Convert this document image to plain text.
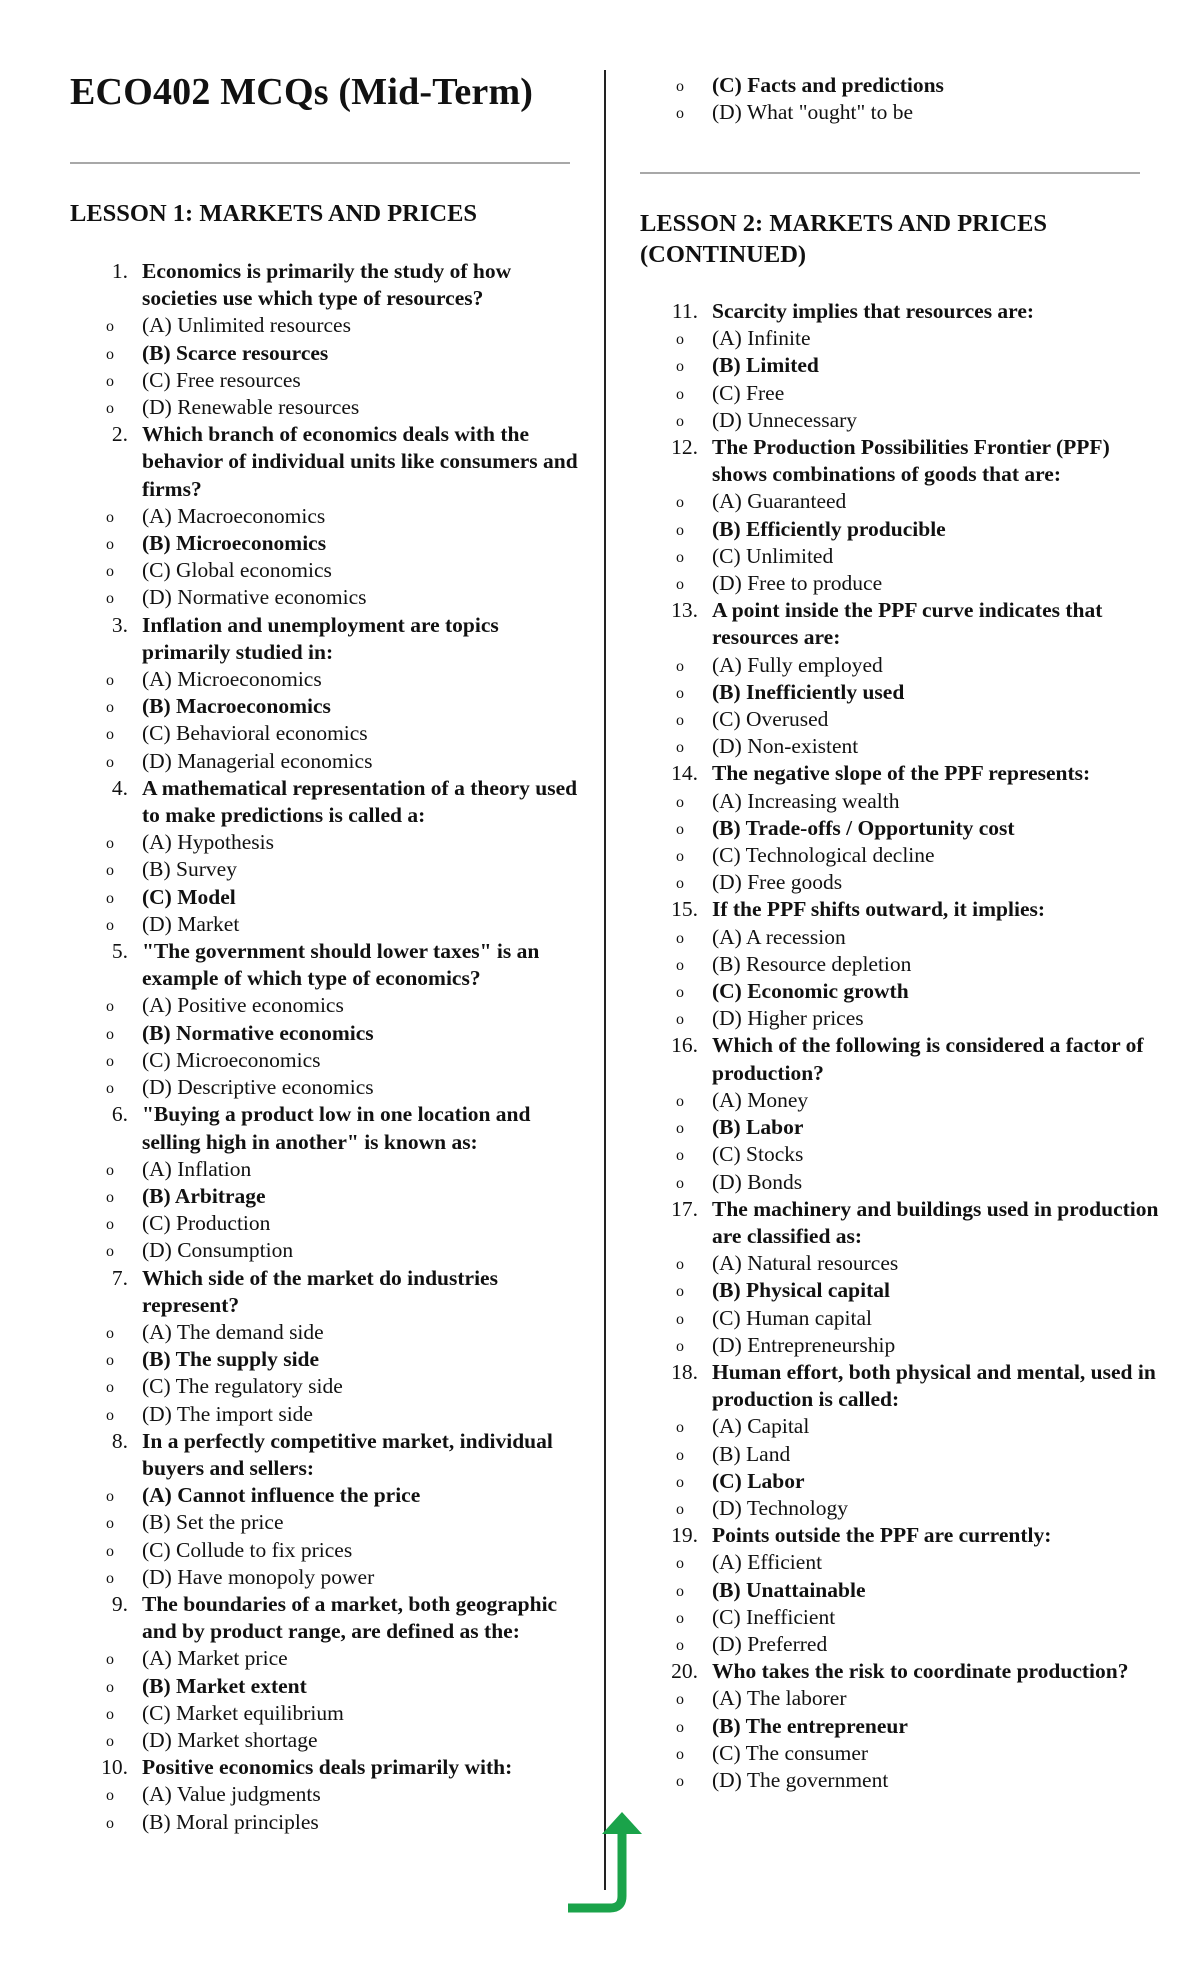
ECO402 MCQs (Mid-Term)
LESSON 1: MARKETS AND PRICES
1. Economics is primarily the study of how societies use which type of resources?
o (A) Unlimited resources
o (B) Scarce resources
o (C) Free resources
o (D) Renewable resources
2. Which branch of economics deals with the behavior of individual units like consumers and firms?
o (A) Macroeconomics
o (B) Microeconomics
o (C) Global economics
o (D) Normative economics
3. Inflation and unemployment are topics primarily studied in:
o (A) Microeconomics
o (B) Macroeconomics
o (C) Behavioral economics
o (D) Managerial economics
4. A mathematical representation of a theory used to make predictions is called a:
o (A) Hypothesis
o (B) Survey
o (C) Model
o (D) Market
5. "The government should lower taxes" is an example of which type of economics?
o (A) Positive economics
o (B) Normative economics
o (C) Microeconomics
o (D) Descriptive economics
6. "Buying a product low in one location and selling high in another" is known as:
o (A) Inflation
o (B) Arbitrage
o (C) Production
o (D) Consumption
7. Which side of the market do industries represent?
o (A) The demand side
o (B) The supply side
o (C) The regulatory side
o (D) The import side
8. In a perfectly competitive market, individual buyers and sellers:
o (A) Cannot influence the price
o (B) Set the price
o (C) Collude to fix prices
o (D) Have monopoly power
9. The boundaries of a market, both geographic and by product range, are defined as the:
o (A) Market price
o (B) Market extent
o (C) Market equilibrium
o (D) Market shortage
10. Positive economics deals primarily with:
o (A) Value judgments
o (B) Moral principles
o (C) Facts and predictions
o (D) What "ought" to be
LESSON 2: MARKETS AND PRICES (CONTINUED)
11. Scarcity implies that resources are:
o (A) Infinite
o (B) Limited
o (C) Free
o (D) Unnecessary
12. The Production Possibilities Frontier (PPF) shows combinations of goods that are:
o (A) Guaranteed
o (B) Efficiently producible
o (C) Unlimited
o (D) Free to produce
13. A point inside the PPF curve indicates that resources are:
o (A) Fully employed
o (B) Inefficiently used
o (C) Overused
o (D) Non-existent
14. The negative slope of the PPF represents:
o (A) Increasing wealth
o (B) Trade-offs / Opportunity cost
o (C) Technological decline
o (D) Free goods
15. If the PPF shifts outward, it implies:
o (A) A recession
o (B) Resource depletion
o (C) Economic growth
o (D) Higher prices
16. Which of the following is considered a factor of production?
o (A) Money
o (B) Labor
o (C) Stocks
o (D) Bonds
17. The machinery and buildings used in production are classified as:
o (A) Natural resources
o (B) Physical capital
o (C) Human capital
o (D) Entrepreneurship
18. Human effort, both physical and mental, used in production is called:
o (A) Capital
o (B) Land
o (C) Labor
o (D) Technology
19. Points outside the PPF are currently:
o (A) Efficient
o (B) Unattainable
o (C) Inefficient
o (D) Preferred
20. Who takes the risk to coordinate production?
o (A) The laborer
o (B) The entrepreneur
o (C) The consumer
o (D) The government
